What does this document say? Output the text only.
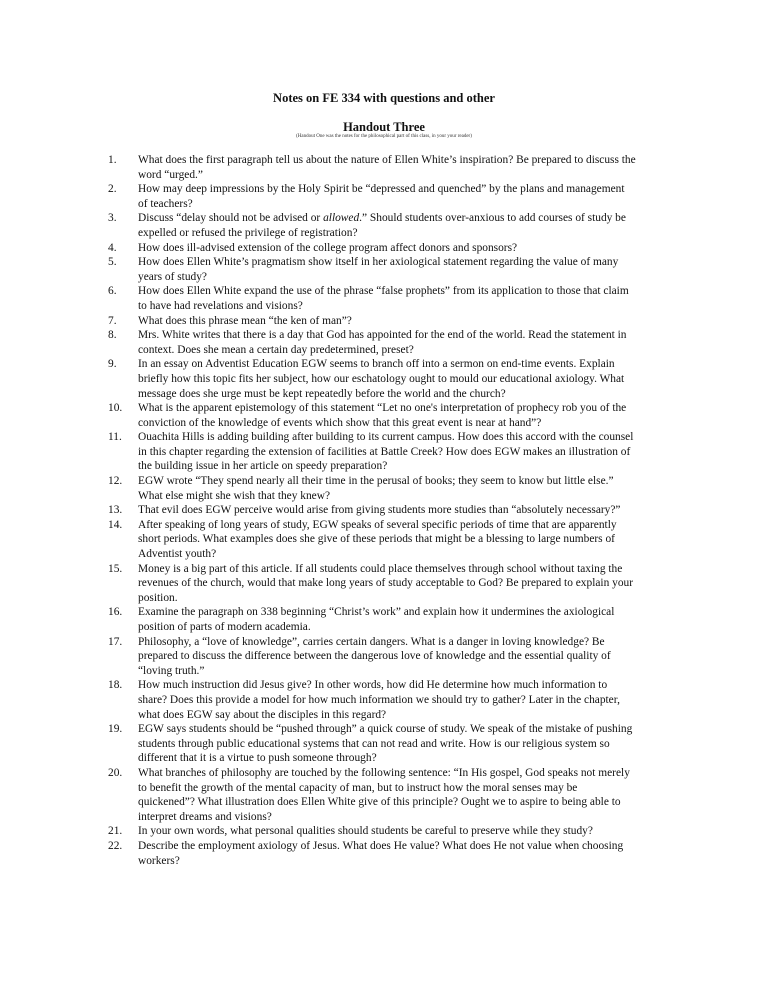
Notes on FE 334 with questions and other
Handout Three
(Handout One was the notes for the philosophical part of this class, in your your reader)
1.	What does the first paragraph tell us about the nature of Ellen White’s inspiration? Be prepared to discuss the word “urged.”
2.	How may deep impressions by the Holy Spirit be “depressed and quenched” by the plans and management of teachers?
3.	Discuss “delay should not be advised or allowed.” Should students over-anxious to add courses of study be expelled or refused the privilege of registration?
4.	How does ill-advised extension of the college program affect donors and sponsors?
5.	How does Ellen White’s pragmatism show itself in her axiological statement regarding the value of many years of study?
6.	How does Ellen White expand the use of the phrase “false prophets” from its application to those that claim to have had revelations and visions?
7.	What does this phrase mean “the ken of man”?
8.	Mrs. White writes that there is a day that God has appointed for the end of the world. Read the statement in context. Does she mean a certain day predetermined, preset?
9.	In an essay on Adventist Education EGW seems to branch off into a sermon on end-time events. Explain briefly how this topic fits her subject, how our eschatology ought to mould our educational axiology. What message does she urge must be kept repeatedly before the world and the church?
10.	What is the apparent epistemology of this statement “Let no one's interpretation of prophecy rob you of the conviction of the knowledge of events which show that this great event is near at hand”?
11.	Ouachita Hills is adding building after building to its current campus. How does this accord with the counsel in this chapter regarding the extension of facilities at Battle Creek? How does EGW makes an illustration of the building issue in her article on speedy preparation?
12.	EGW wrote “They spend nearly all their time in the perusal of books; they seem to know but little else.” What else might she wish that they knew?
13.	That evil does EGW perceive would arise from giving students more studies than “absolutely necessary?”
14.	After speaking of long years of study, EGW speaks of several specific periods of time that are apparently short periods. What examples does she give of these periods that might be a blessing to large numbers of Adventist youth?
15.	Money is a big part of this article. If all students could place themselves through school without taxing the revenues of the church, would that make long years of study acceptable to God? Be prepared to explain your position.
16.	Examine the paragraph on 338 beginning “Christ’s work” and explain how it undermines the axiological position of parts of modern academia.
17.	Philosophy, a “love of knowledge”, carries certain dangers. What is a danger in loving knowledge? Be prepared to discuss the difference between the dangerous love of knowledge and the essential quality of “loving truth.”
18.	How much instruction did Jesus give? In other words, how did He determine how much information to share? Does this provide a model for how much information we should try to gather? Later in the chapter, what does EGW say about the disciples in this regard?
19.	EGW says students should be “pushed through” a quick course of study. We speak of the mistake of pushing students through public educational systems that can not read and write. How is our religious system so different that it is a virtue to push someone through?
20.	What branches of philosophy are touched by the following sentence: “In His gospel, God speaks not merely to benefit the growth of the mental capacity of man, but to instruct how the moral senses may be quickened”? What illustration does Ellen White give of this principle? Ought we to aspire to being able to interpret dreams and visions?
21.	In your own words, what personal qualities should students be careful to preserve while they study?
22.	Describe the employment axiology of Jesus. What does He value? What does He not value when choosing workers?
